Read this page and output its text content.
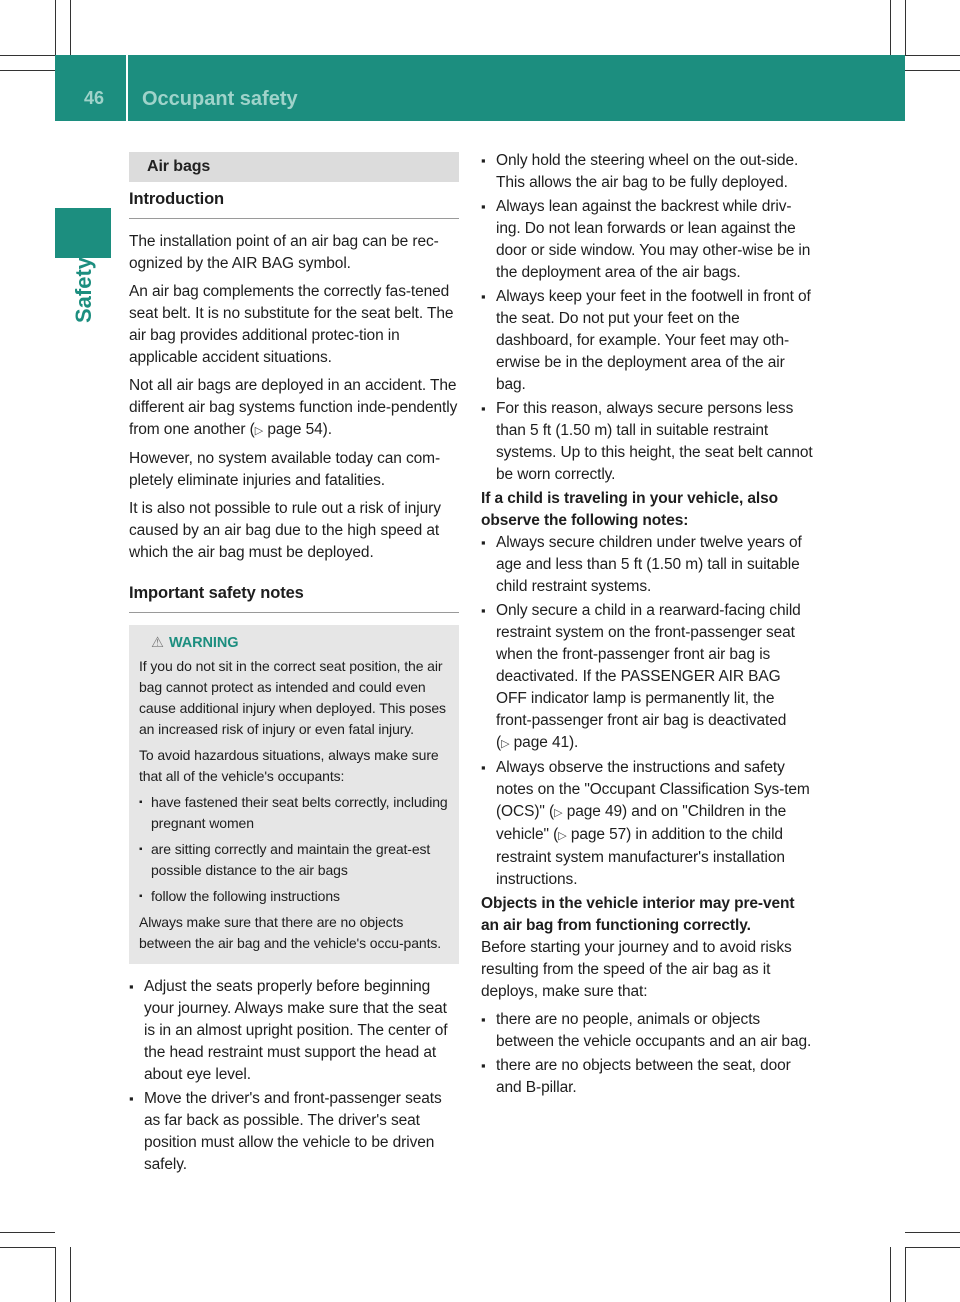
46 Occupant safety
Safety
Air bags
Introduction

The installation point of an air bag can be rec-ognized by the AIR BAG symbol.

An air bag complements the correctly fas-tened seat belt. It is no substitute for the seat belt. The air bag provides additional protec-tion in applicable accident situations.

Not all air bags are deployed in an accident. The different air bag systems function inde-pendently from one another (▷ page 54).

However, no system available today can com-pletely eliminate injuries and fatalities.

It is also not possible to rule out a risk of injury caused by an air bag due to the high speed at which the air bag must be deployed.

Important safety notes
⚠ WARNING

If you do not sit in the correct seat position, the air bag cannot protect as intended and could even cause additional injury when deployed. This poses an increased risk of injury or even fatal injury.

To avoid hazardous situations, always make sure that all of the vehicle's occupants:

▪ have fastened their seat belts correctly, including pregnant women
▪ are sitting correctly and maintain the great-est possible distance to the air bags
▪ follow the following instructions

Always make sure that there are no objects between the air bag and the vehicle's occu-pants.

▪ Adjust the seats properly before beginning your journey. Always make sure that the seat is in an almost upright position. The center of the head restraint must support the head at about eye level.
▪ Move the driver's and front-passenger seats as far back as possible. The driver's seat position must allow the vehicle to be driven safely.
▪ Only hold the steering wheel on the out-side. This allows the air bag to be fully deployed.
▪ Always lean against the backrest while driv-ing. Do not lean forwards or lean against the door or side window. You may other-wise be in the deployment area of the air bags.
▪ Always keep your feet in the footwell in front of the seat. Do not put your feet on the dashboard, for example. Your feet may oth-erwise be in the deployment area of the air bag.
▪ For this reason, always secure persons less than 5 ft (1.50 m) tall in suitable restraint systems. Up to this height, the seat belt cannot be worn correctly.

If a child is traveling in your vehicle, also observe the following notes:

▪ Always secure children under twelve years of age and less than 5 ft (1.50 m) tall in suitable child restraint systems.
▪ Only secure a child in a rearward-facing child restraint system on the front-passenger seat when the front-passenger front air bag is deactivated. If the PASSENGER AIR BAG OFF indicator lamp is permanently lit, the front-passenger front air bag is deactivated (▷ page 41).
▪ Always observe the instructions and safety notes on the "Occupant Classification Sys-tem (OCS)" (▷ page 49) and on "Children in the vehicle" (▷ page 57) in addition to the child restraint system manufacturer's installation instructions.

Objects in the vehicle interior may pre-vent an air bag from functioning correctly.

Before starting your journey and to avoid risks resulting from the speed of the air bag as it deploys, make sure that:

▪ there are no people, animals or objects between the vehicle occupants and an air bag.
▪ there are no objects between the seat, door and B-pillar.
